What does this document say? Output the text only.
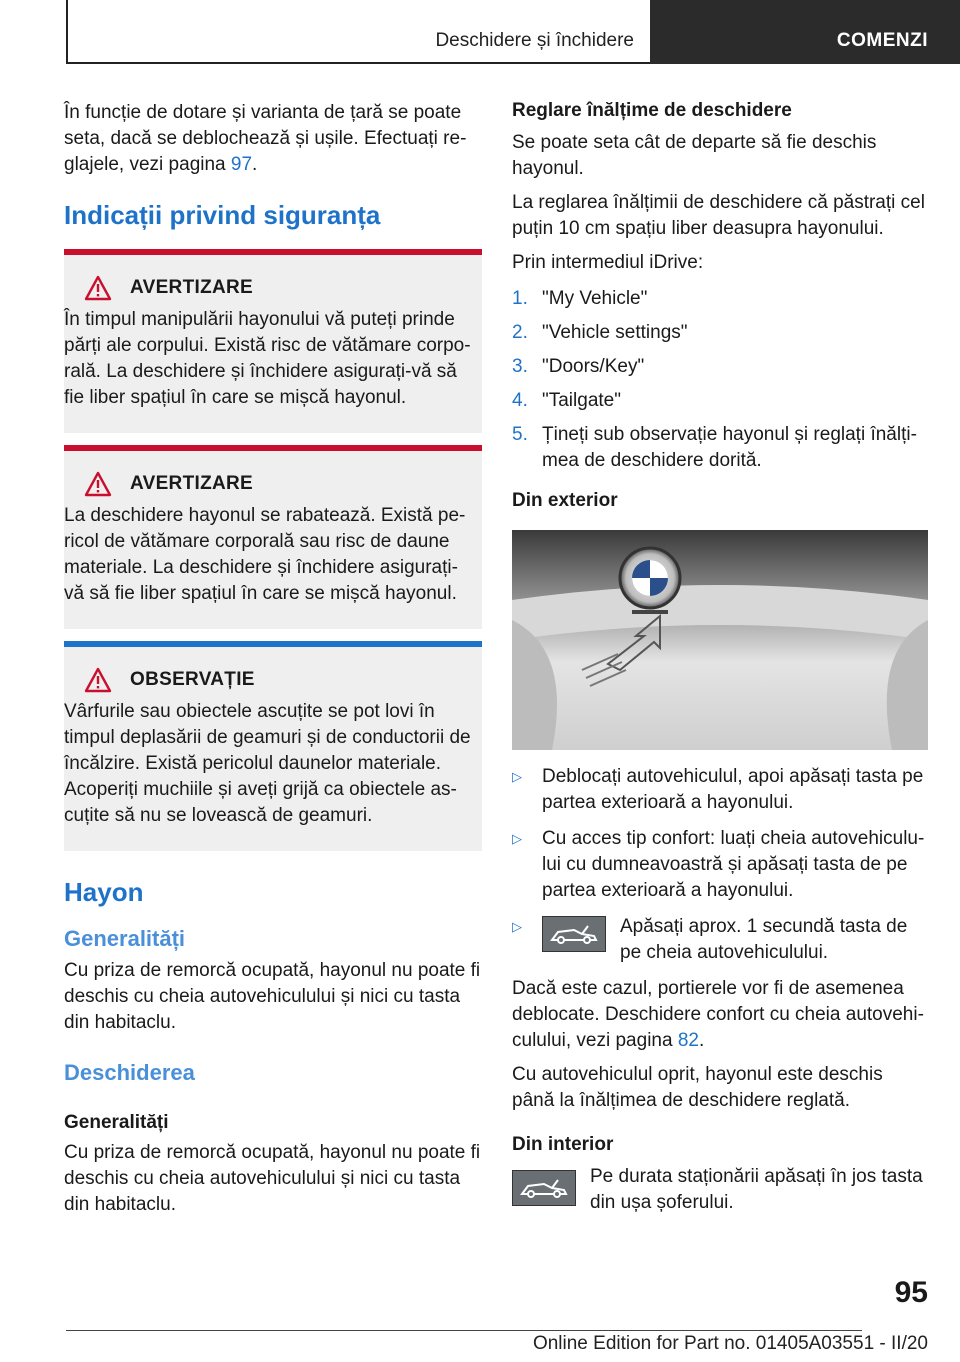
Deschidere și închidere	COMENZI

În funcție de dotare și varianta de țară se poate seta, dacă se deblochează și ușile. Efectuați re-glajele, vezi pagina 97.

Indicații privind siguranța
AVERTIZARE

În timpul manipulării hayonului vă puteți prinde părți ale corpului. Există risc de vătămare corpo-rală. La deschidere și închidere asigurați-vă să fie liber spațiul în care se mișcă hayonul.

AVERTIZARE

La deschidere hayonul se rabatează. Există pe-ricol de vătămare corporală sau risc de daune materiale. La deschidere și închidere asigurați-vă să fie liber spațiul în care se mișcă hayonul.

OBSERVAȚIE

Vârfurile sau obiectele ascuțite se pot lovi în timpul deplasării de geamuri și de conductorii de încălzire. Există pericolul daunelor materiale. Acoperiți muchiile și aveți grijă ca obiectele as-cuțite să nu se lovească de geamuri.

Hayon
Generalități

Cu priza de remorcă ocupată, hayonul nu poate fi deschis cu cheia autovehiculului și nici cu tasta din habitaclu.

Deschiderea
Generalități

Cu priza de remorcă ocupată, hayonul nu poate fi deschis cu cheia autovehiculului și nici cu tasta din habitaclu.

Reglare înălțime de deschidere

Se poate seta cât de departe să fie deschis hayonul.

La reglarea înălțimii de deschidere că păstrați cel puțin 10 cm spațiu liber deasupra hayonului.

Prin intermediul iDrive:

1. "My Vehicle"
2. "Vehicle settings"
3. "Doors/Key"
4. "Tailgate"
5. Țineți sub observație hayonul și reglați înălți-mea de deschidere dorită.
Din exterior
▷	Deblocați autovehiculul, apoi apăsați tasta pe partea exterioară a hayonului.
▷	Cu acces tip confort: luați cheia autovehiculu-lui cu dumneavoastră și apăsați tasta de pe partea exterioară a hayonului.
▷	Apăsați aprox. 1 secundă tasta de pe cheia autovehiculului.

Dacă este cazul, portierele vor fi de asemenea deblocate. Deschidere confort cu cheia autovehi-culului, vezi pagina 82.

Cu autovehiculul oprit, hayonul este deschis până la înălțimea de deschidere reglată.

Din interior

Pe durata staționării apăsați în jos tasta din ușa șoferului.

95
Online Edition for Part no. 01405A03551 - II/20
